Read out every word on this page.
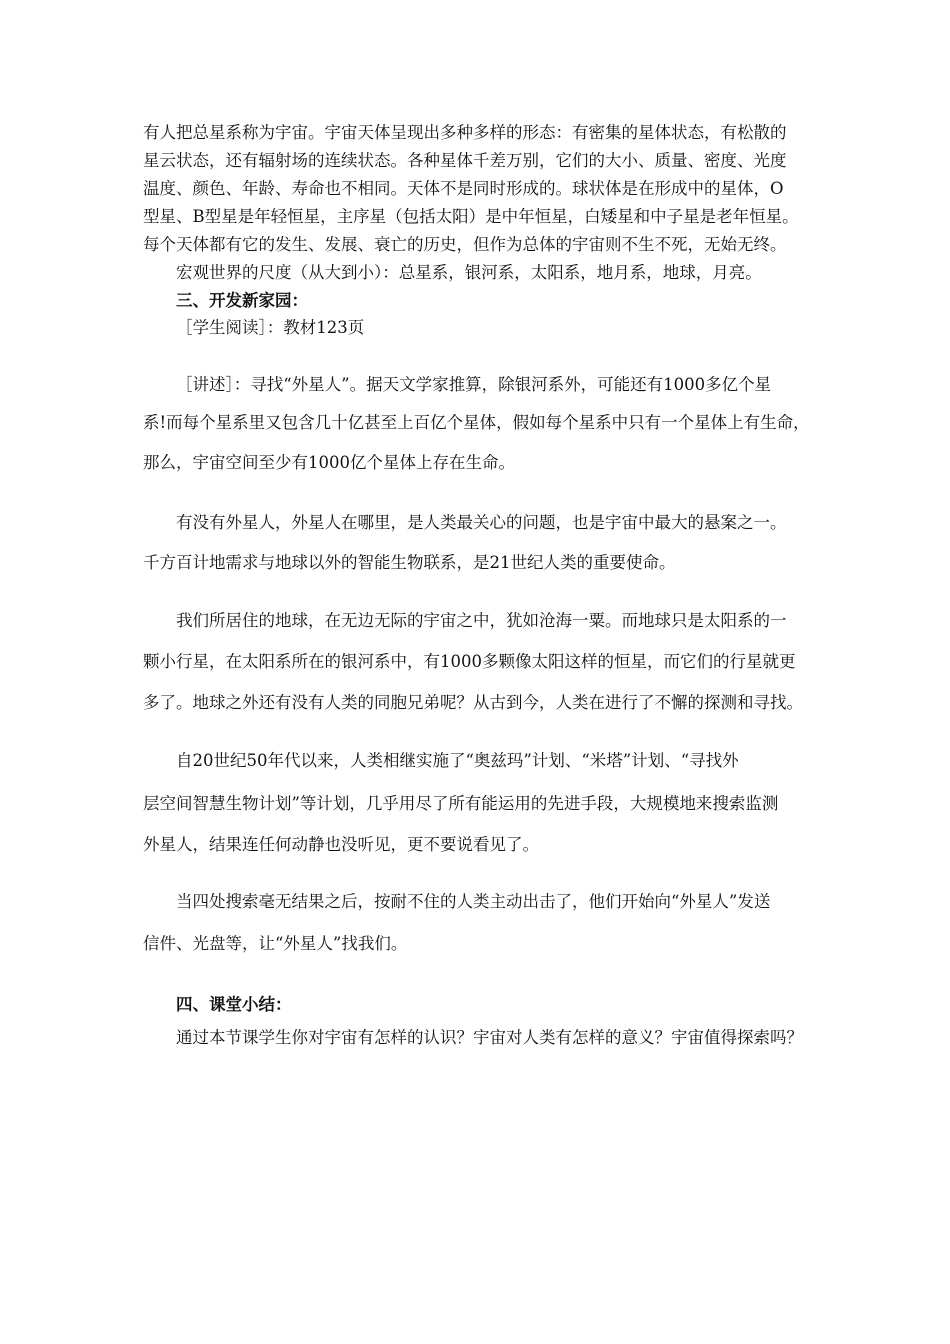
有人把总星系称为宇宙。宇宙天体呈现出多种多样的形态：有密集的星体状态，有松散的
星云状态，还有辐射场的连续状态。各种星体千差万别，它们的大小、质量、密度、光度
温度、颜色、年龄、寿命也不相同。天体不是同时形成的。球状体是在形成中的星体，O
型星、B型星是年轻恒星，主序星（包括太阳）是中年恒星，白矮星和中子星是老年恒星。
每个天体都有它的发生、发展、衰亡的历史，但作为总体的宇宙则不生不死，无始无终。
宏观世界的尺度（从大到小）：总星系，银河系，太阳系，地月系，地球，月亮。
三、开发新家园：
［学生阅读］：教材123页
［讲述］：寻找“外星人”。据天文学家推算，除银河系外，可能还有1000多亿个星
系!而每个星系里又包含几十亿甚至上百亿个星体，假如每个星系中只有一个星体上有生命，
那么，宇宙空间至少有1000亿个星体上存在生命。
有没有外星人，外星人在哪里，是人类最关心的问题，也是宇宙中最大的悬案之一。
千方百计地需求与地球以外的智能生物联系，是21世纪人类的重要使命。
我们所居住的地球，在无边无际的宇宙之中，犹如沧海一粟。而地球只是太阳系的一
颗小行星，在太阳系所在的银河系中，有1000多颗像太阳这样的恒星，而它们的行星就更
多了。地球之外还有没有人类的同胞兄弟呢？从古到今，人类在进行了不懈的探测和寻找。
自20世纪50年代以来，人类相继实施了“奥兹玛”计划、“米塔”计划、“寻找外
层空间智慧生物计划”等计划，几乎用尽了所有能运用的先进手段，大规模地来搜索监测
外星人，结果连任何动静也没听见，更不要说看见了。
当四处搜索毫无结果之后，按耐不住的人类主动出击了，他们开始向“外星人”发送
信件、光盘等，让“外星人”找我们。
四、课堂小结：
通过本节课学生你对宇宙有怎样的认识？宇宙对人类有怎样的意义？宇宙值得探索吗？
